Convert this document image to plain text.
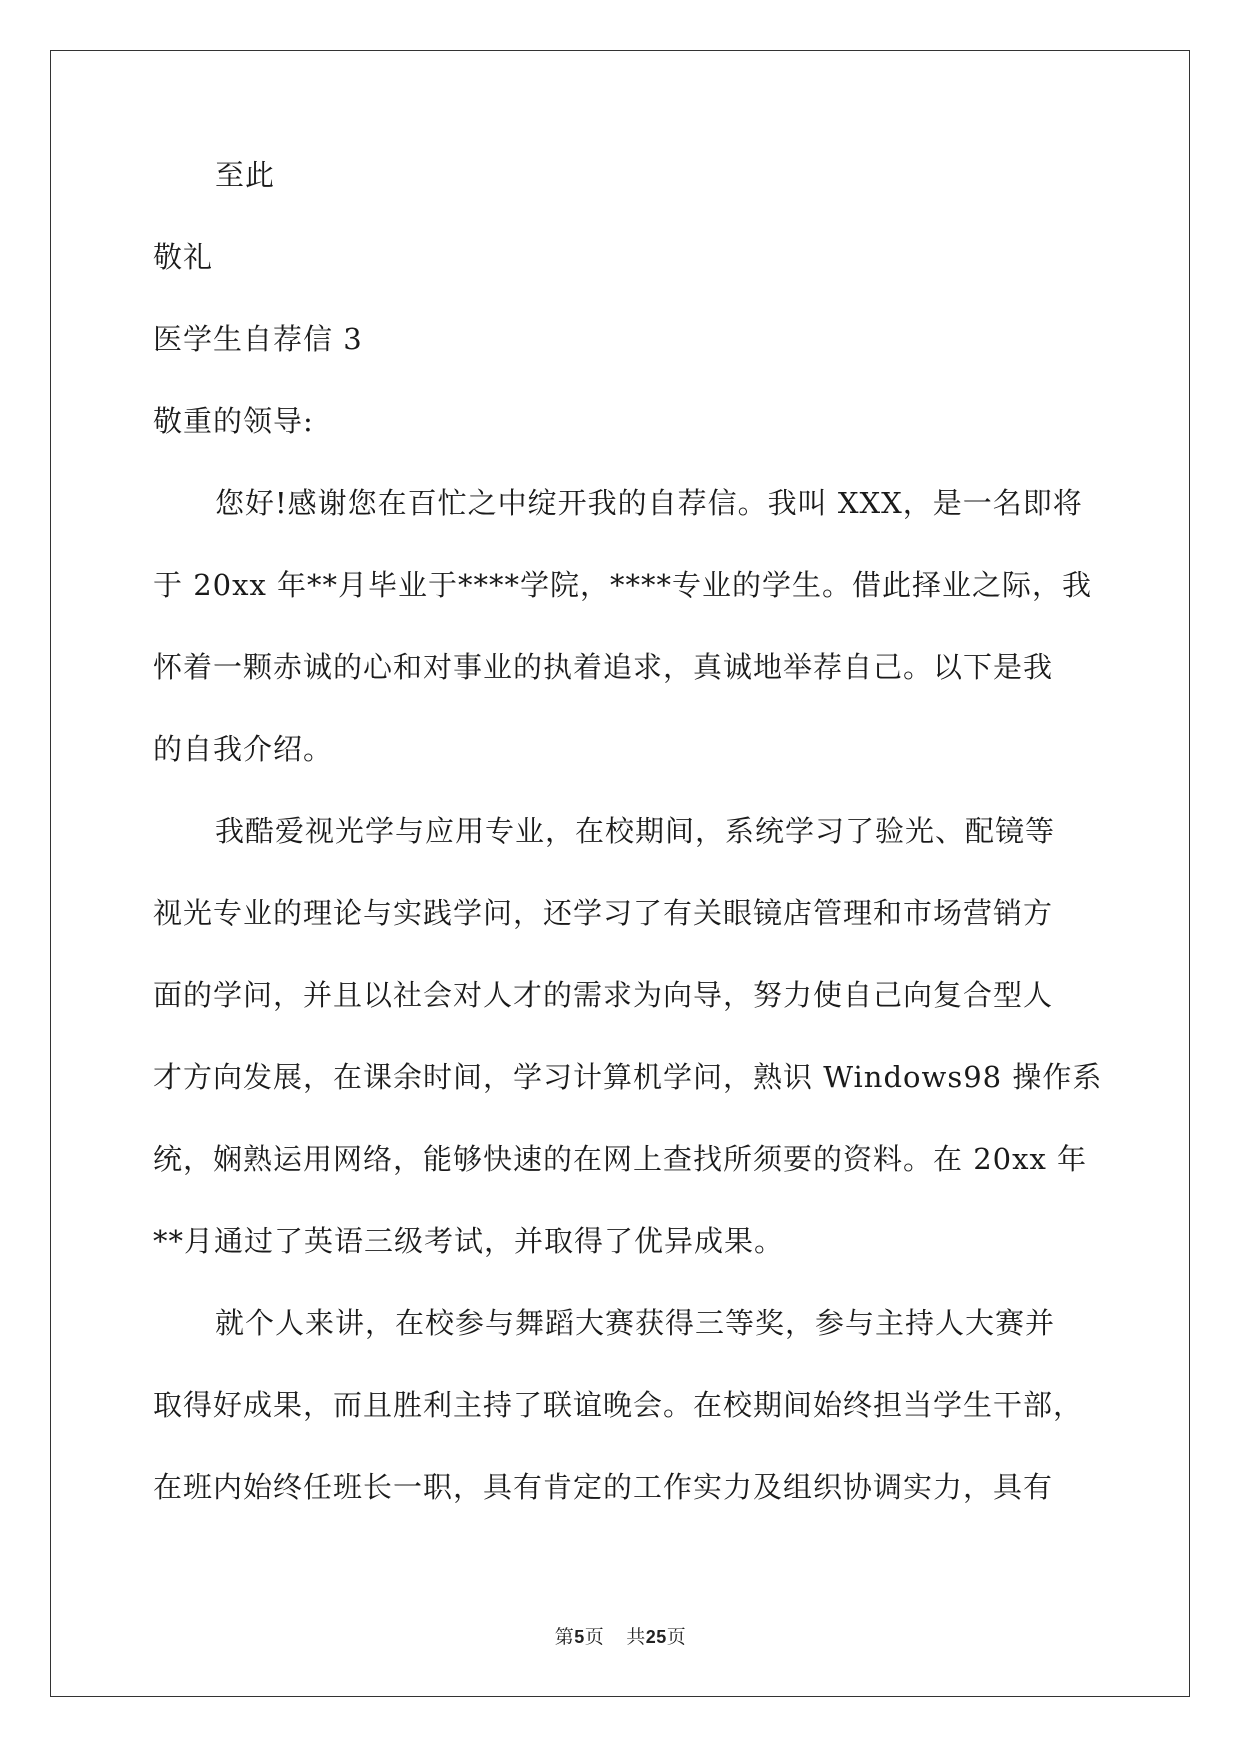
至此
敬礼
医学生自荐信 3
敬重的领导:
您好!感谢您在百忙之中绽开我的自荐信。我叫 XXX，是一名即将
于 20xx 年**月毕业于****学院，****专业的学生。借此择业之际，我
怀着一颗赤诚的心和对事业的执着追求，真诚地举荐自己。以下是我
的自我介绍。
我酷爱视光学与应用专业，在校期间，系统学习了验光、配镜等
视光专业的理论与实践学问，还学习了有关眼镜店管理和市场营销方
面的学问，并且以社会对人才的需求为向导，努力使自己向复合型人
才方向发展，在课余时间，学习计算机学问，熟识 Windows98 操作系
统，娴熟运用网络，能够快速的在网上查找所须要的资料。在 20xx 年
**月通过了英语三级考试，并取得了优异成果。
就个人来讲，在校参与舞蹈大赛获得三等奖，参与主持人大赛并
取得好成果，而且胜利主持了联谊晚会。在校期间始终担当学生干部，
在班内始终任班长一职，具有肯定的工作实力及组织协调实力，具有
第5页 共25页
